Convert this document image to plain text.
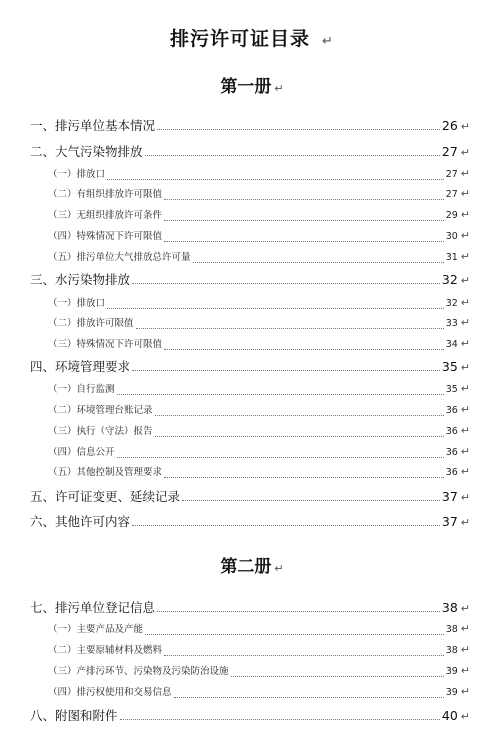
排污许可证目录 ↵
第一册 ↵
一、排污单位基本情况	26 ↵
二、大气污染物排放	27 ↵
（一）排放口	27 ↵
（二）有组织排放许可限值	27 ↵
（三）无组织排放许可条件	29 ↵
（四）特殊情况下许可限值	30 ↵
（五）排污单位大气排放总许可量	31 ↵
三、水污染物排放	32 ↵
（一）排放口	32 ↵
（二）排放许可限值	33 ↵
（三）特殊情况下许可限值	34 ↵
四、环境管理要求	35 ↵
（一）自行监测	35 ↵
（二）环境管理台账记录	36 ↵
（三）执行（守法）报告	36 ↵
（四）信息公开	36 ↵
（五）其他控制及管理要求	36 ↵
五、许可证变更、延续记录	37 ↵
六、其他许可内容	37 ↵
第二册 ↵
七、排污单位登记信息	38 ↵
（一）主要产品及产能	38 ↵
（二）主要原辅材料及燃料	38 ↵
（三）产排污环节、污染物及污染防治设施	39 ↵
（四）排污权使用和交易信息	39 ↵
八、附图和附件	40 ↵
